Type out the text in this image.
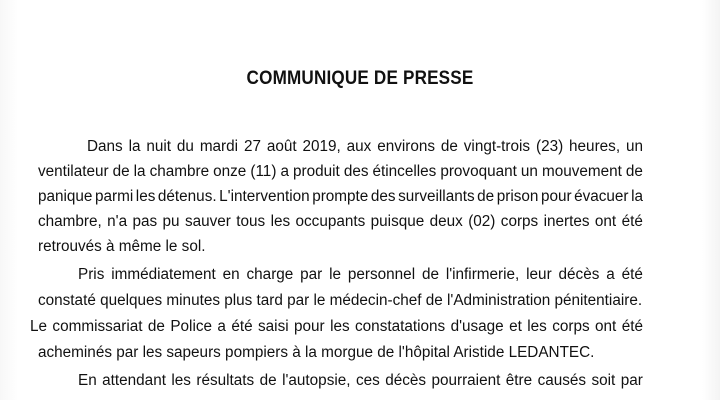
COMMUNIQUE DE PRESSE
Dans la nuit du mardi 27 août 2019, aux environs de vingt-trois (23) heures, un
ventilateur de la chambre onze (11) a produit des étincelles provoquant un mouvement de
panique parmi les détenus. L'intervention prompte des surveillants de prison pour évacuer la
chambre, n'a pas pu sauver tous les occupants puisque deux (02) corps inertes ont été
retrouvés à même le sol.
Pris immédiatement en charge par le personnel de l'infirmerie, leur décès a été
constaté quelques minutes plus tard par le médecin-chef de l'Administration pénitentiaire.
Le commissariat de Police a été saisi pour les constatations d'usage et les corps ont été
acheminés par les sapeurs pompiers à la morgue de l'hôpital Aristide LEDANTEC.
En attendant les résultats de l'autopsie, ces décès pourraient être causés soit par
